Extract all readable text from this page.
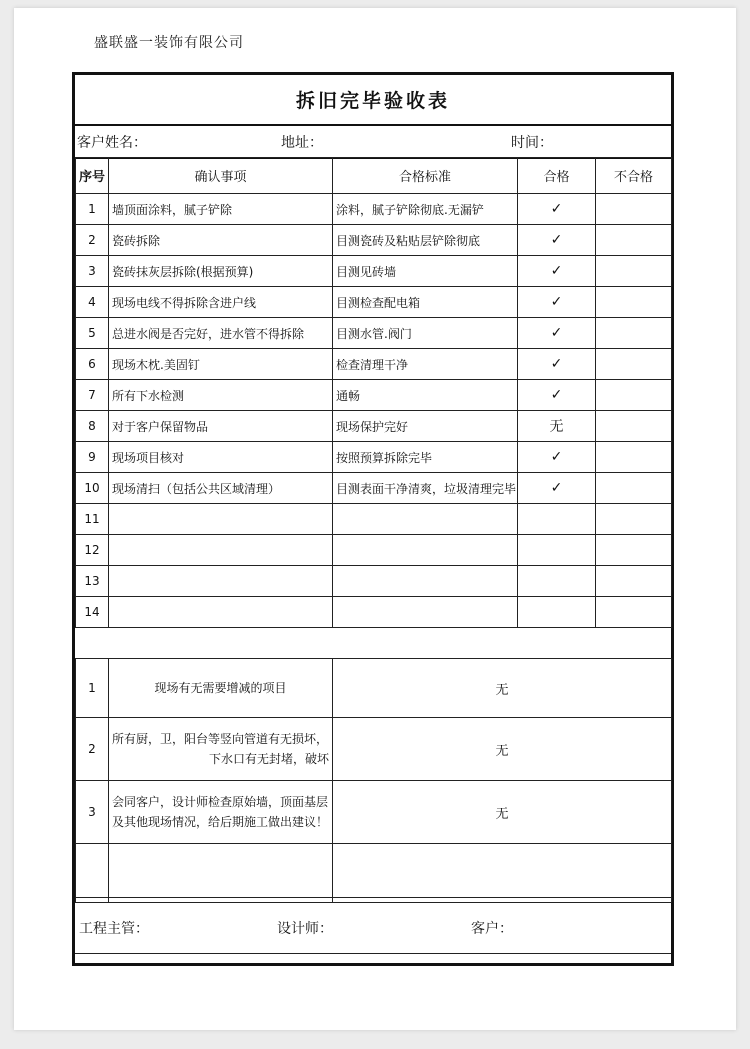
盛联盛一装饰有限公司
拆旧完毕验收表
客户姓名：	地址：	时间：
序号	确认事项	合格标准	合格	不合格
1	墙顶面涂料，腻子铲除	涂料，腻子铲除彻底.无漏铲	✓	
2	瓷砖拆除	目测瓷砖及粘贴层铲除彻底	✓	
3	瓷砖抹灰层拆除(根据预算)	目测见砖墙	✓	
4	现场电线不得拆除含进户线	目测检查配电箱	✓	
5	总进水阀是否完好，进水管不得拆除	目测水管.阀门	✓	
6	现场木枕.美固钉	检查清理干净	✓	
7	所有下水检测	通畅	✓	
8	对于客户保留物品	现场保护完好	无	
9	现场项目核对	按照预算拆除完毕	✓	
10	现场清扫（包括公共区域清理）	目测表面干净清爽，垃圾清理完毕	✓	
11				
12				
13				
14				

1	现场有无需要增减的项目	无		
2	所有厨，卫，阳台等竖向管道有无损坏，
下水口有无封堵，破坏	无		
3	会同客户，设计师检查原始墙，顶面基层
及其他现场情况，给后期施工做出建议！	无		

工程主管：	设计师：	客户：
